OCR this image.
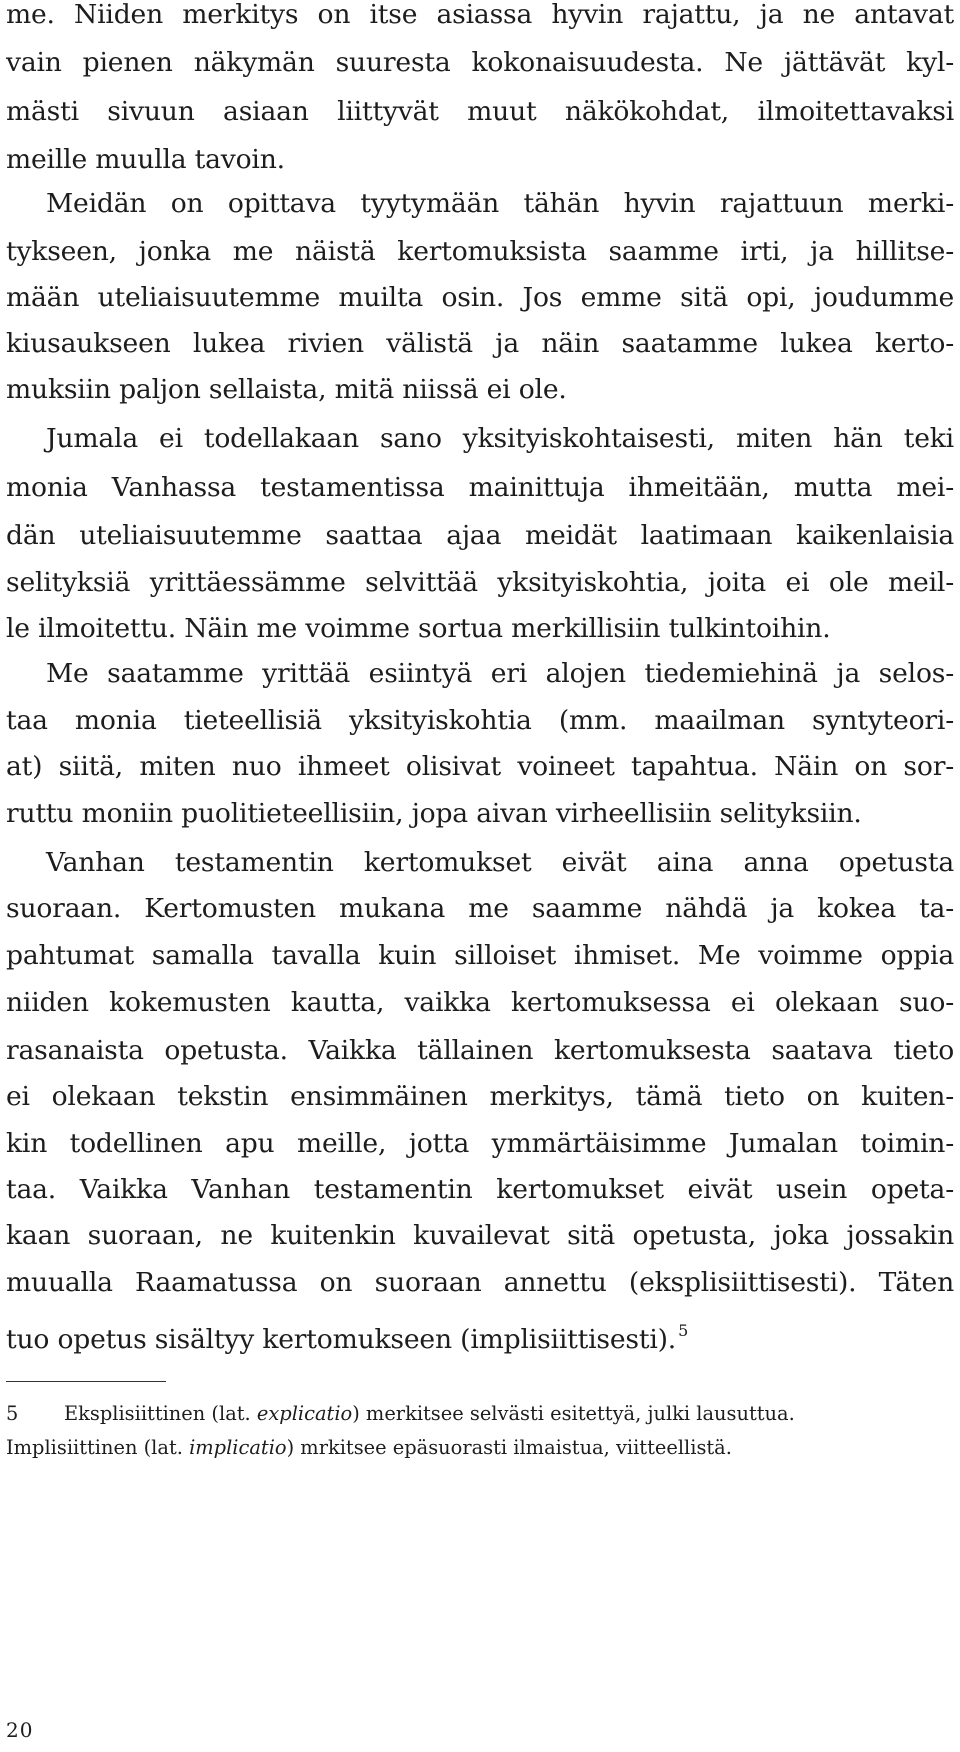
me. Niiden merkitys on itse asiassa hyvin rajattu, ja ne antavat
vain pienen näkymän suuresta kokonaisuudesta. Ne jättävät kyl-
mästi sivuun asiaan liittyvät muut näkökohdat, ilmoitettavaksi
meille muulla tavoin.
Meidän on opittava tyytymään tähän hyvin rajattuun merki-
tykseen, jonka me näistä kertomuksista saamme irti, ja hillitse-
mään uteliaisuutemme muilta osin. Jos emme sitä opi, joudumme
kiusaukseen lukea rivien välistä ja näin saatamme lukea kerto-
muksiin paljon sellaista, mitä niissä ei ole.
Jumala ei todellakaan sano yksityiskohtaisesti, miten hän teki
monia Vanhassa testamentissa mainittuja ihmeitään, mutta mei-
dän uteliaisuutemme saattaa ajaa meidät laatimaan kaikenlaisia
selityksiä yrittäessämme selvittää yksityiskohtia, joita ei ole meil-
le ilmoitettu. Näin me voimme sortua merkillisiin tulkintoihin.
Me saatamme yrittää esiintyä eri alojen tiedemiehinä ja selos-
taa monia tieteellisiä yksityiskohtia (mm. maailman syntyteori-
at) siitä, miten nuo ihmeet olisivat voineet tapahtua. Näin on sor-
ruttu moniin puolitieteellisiin, jopa aivan virheellisiin selityksiin.
Vanhan testamentin kertomukset eivät aina anna opetusta
suoraan. Kertomusten mukana me saamme nähdä ja kokea ta-
pahtumat samalla tavalla kuin silloiset ihmiset. Me voimme oppia
niiden kokemusten kautta, vaikka kertomuksessa ei olekaan suo-
rasanaista opetusta. Vaikka tällainen kertomuksesta saatava tieto
ei olekaan tekstin ensimmäinen merkitys, tämä tieto on kuiten-
kin todellinen apu meille, jotta ymmärtäisimme Jumalan toimin-
taa. Vaikka Vanhan testamentin kertomukset eivät usein opeta-
kaan suoraan, ne kuitenkin kuvailevat sitä opetusta, joka jossakin
muualla Raamatussa on suoraan annettu (eksplisiittisesti). Täten
tuo opetus sisältyy kertomukseen (implisiittisesti). $^5$
5 Eksplisiittinen (lat. explicatio) merkitsee selvästi esitettyä, julki lausuttua.
Implisiittinen (lat. implicatio) mrkitsee epäsuorasti ilmaistua, viitteellistä.
20
